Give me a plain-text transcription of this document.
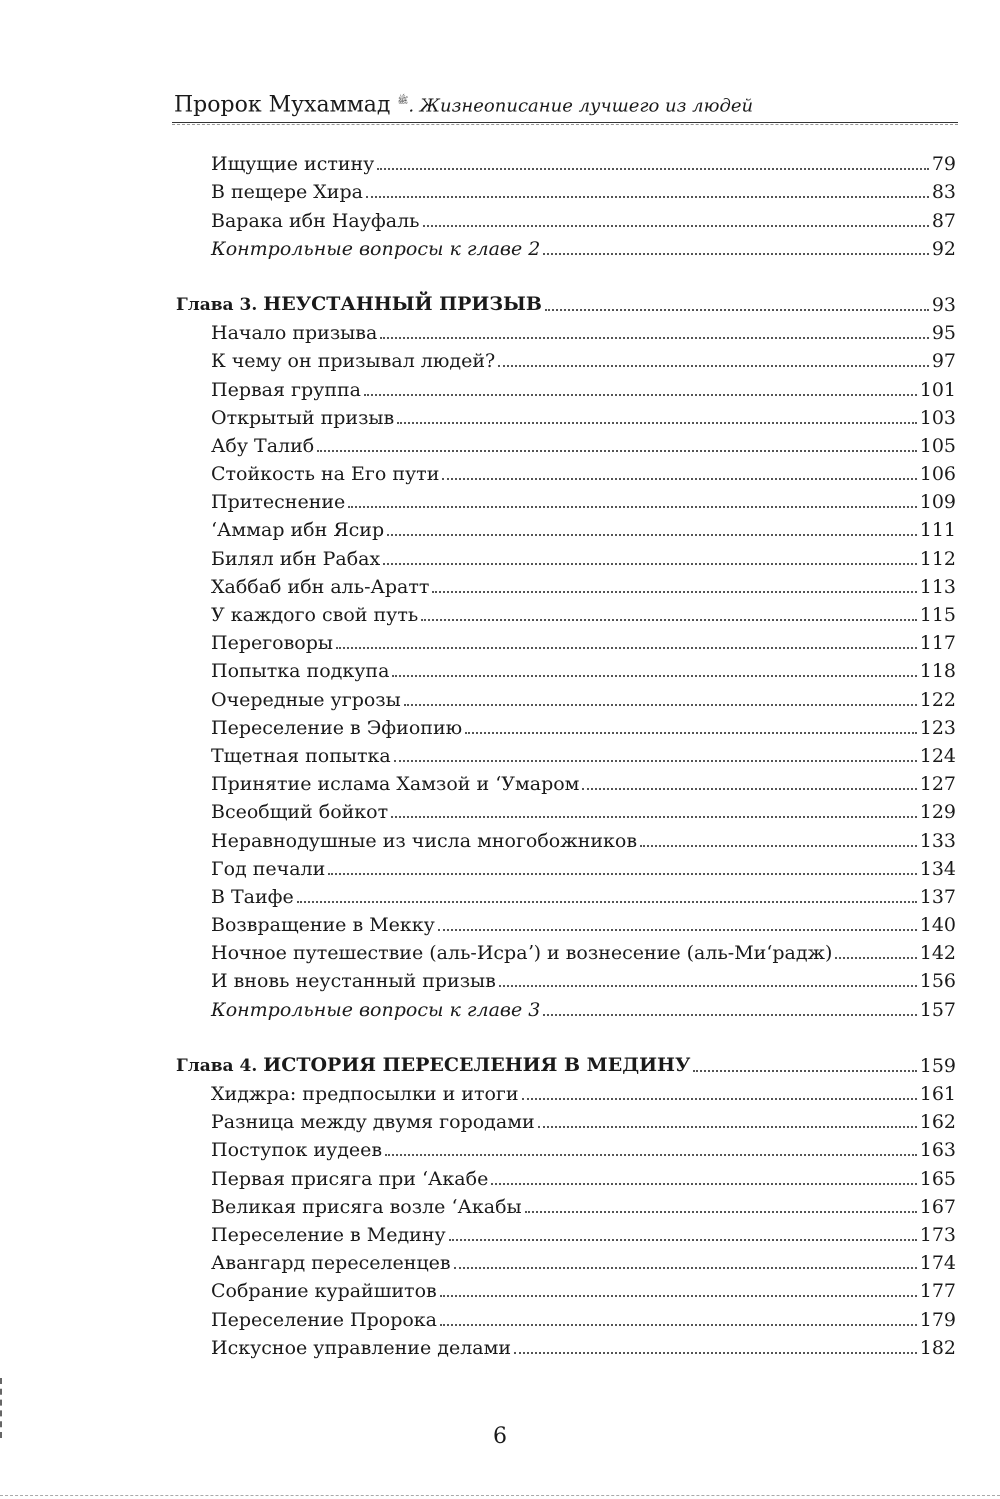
Пророк Мухаммад $^ﷺ$. Жизнеописание лучшего из людей
Ищущие истину	79
В пещере Хира	83
Варака ибн Науфаль	87
Контрольные вопросы к главе 2	92
Глава 3. НЕУСТАННЫЙ ПРИЗЫВ	93
Начало призыва	95
К чему он призывал людей?	97
Первая группа	101
Открытый призыв	103
Абу Талиб	105
Стойкость на Его пути	106
Притеснение	109
ʻАммар ибн Ясир	111
Билял ибн Рабах	112
Хаббаб ибн аль-Аратт	113
У каждого свой путь	115
Переговоры	117
Попытка подкупа	118
Очередные угрозы	122
Переселение в Эфиопию	123
Тщетная попытка	124
Принятие ислама Хамзой и ʻУмаром	127
Всеобщий бойкот	129
Неравнодушные из числа многобожников	133
Год печали	134
В Таифе	137
Возвращение в Мекку	140
Ночное путешествие (аль-Исраʼ) и вознесение (аль-Миʻрадж)	142
И вновь неустанный призыв	156
Контрольные вопросы к главе 3	157
Глава 4. ИСТОРИЯ ПЕРЕСЕЛЕНИЯ В МЕДИНУ	159
Хиджра: предпосылки и итоги	161
Разница между двумя городами	162
Поступок иудеев	163
Первая присяга при ʻАкабе	165
Великая присяга возле ʻАкабы	167
Переселение в Медину	173
Авангард переселенцев	174
Собрание курайшитов	177
Переселение Пророка	179
Искусное управление делами	182
6
